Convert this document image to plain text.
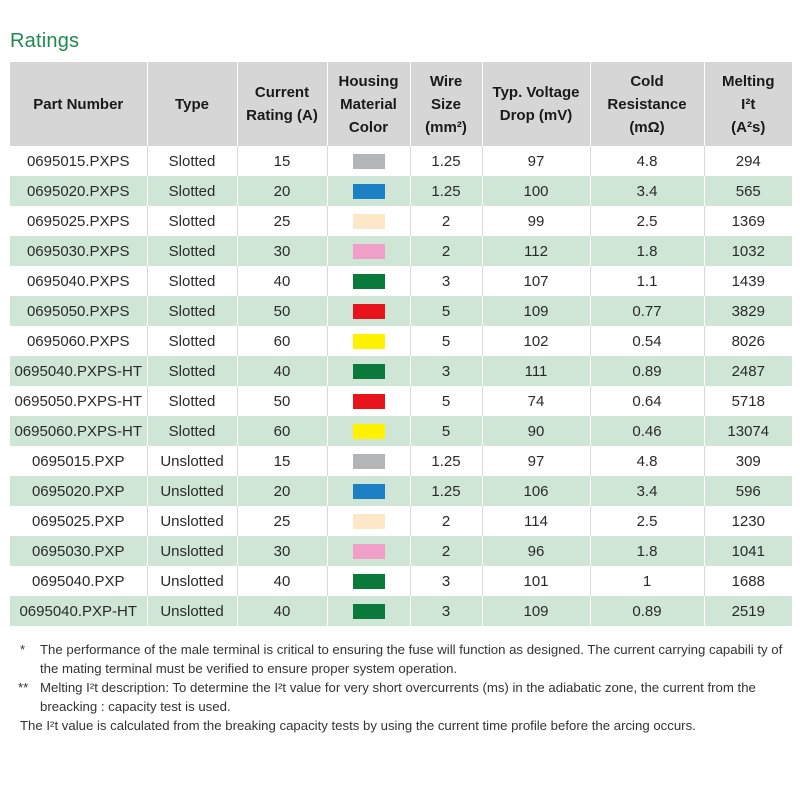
Ratings
Part Number	Type	Current
Rating (A)	Housing
Material
Color	Wire
Size
(mm²)	Typ. Voltage
Drop (mV)	Cold
Resistance
(mΩ)	Melting
I²t
(A²s)

0695015.PXPS	Slotted	15		1.25	97	4.8	294
0695020.PXPS	Slotted	20		1.25	100	3.4	565
0695025.PXPS	Slotted	25		2	99	2.5	1369
0695030.PXPS	Slotted	30		2	112	1.8	1032
0695040.PXPS	Slotted	40		3	107	1.1	1439
0695050.PXPS	Slotted	50		5	109	0.77	3829
0695060.PXPS	Slotted	60		5	102	0.54	8026
0695040.PXPS-HT	Slotted	40		3	111	0.89	2487
0695050.PXPS-HT	Slotted	50		5	74	0.64	5718
0695060.PXPS-HT	Slotted	60		5	90	0.46	13074
0695015.PXP	Unslotted	15		1.25	97	4.8	309
0695020.PXP	Unslotted	20		1.25	106	3.4	596
0695025.PXP	Unslotted	25		2	114	2.5	1230
0695030.PXP	Unslotted	30		2	96	1.8	1041
0695040.PXP	Unslotted	40		3	101	1	1688
0695040.PXP-HT	Unslotted	40		3	109	0.89	2519
* The performance of the male terminal is critical to ensuring the fuse will function as designed. The current carrying capabili ty of the mating terminal must be verified to ensure proper system operation.
** Melting I²t description: To determine the I²t value for very short overcurrents (ms) in the adiabatic zone, the current from the breacking : capacity test is used.
The I²t value is calculated from the breaking capacity tests by using the current time profile before the arcing occurs.
